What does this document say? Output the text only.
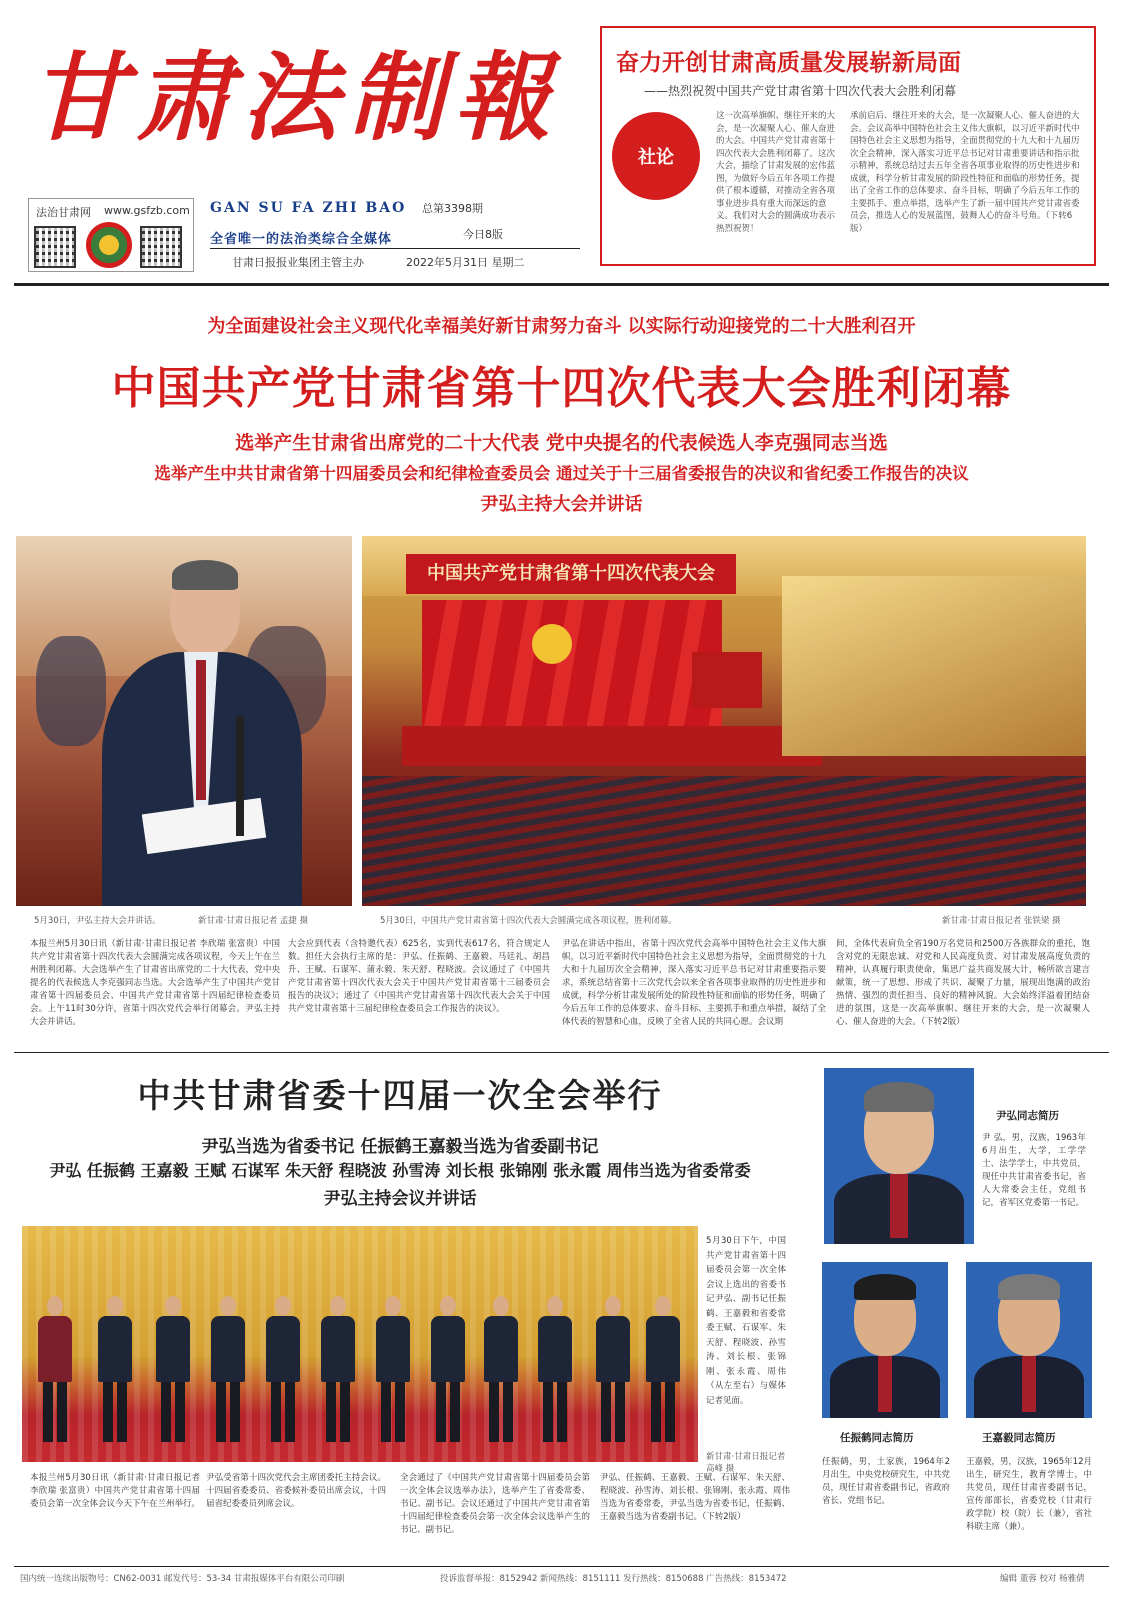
甘肃法制報
法治甘肃网 www.gsfzb.com GAN SU FA ZHI BAO 总第3398期
今日8版
全省唯一的法治类综合全媒体
甘肃日报报业集团主管主办	2022年5月31日 星期二
奋力开创甘肃高质量发展崭新局面
——热烈祝贺中国共产党甘肃省第十四次代表大会胜利闭幕
社论
这一次高举旗帜、继往开来的大会，是一次凝聚人心、催人奋进的大会。中国共产党甘肃省第十四次代表大会胜利闭幕了。这次大会，描绘了甘肃发展的宏伟蓝图，为做好今后五年各项工作提供了根本遵循，对推动全省各项事业进步具有重大而深远的意义。我们对大会的圆满成功表示热烈祝贺！
承前启后、继往开来的大会，是一次凝聚人心、催人奋进的大会。会议高举中国特色社会主义伟大旗帜，以习近平新时代中国特色社会主义思想为指导，全面贯彻党的十九大和十九届历次全会精神，深入落实习近平总书记对甘肃重要讲话和指示批示精神，系统总结过去五年全省各项事业取得的历史性进步和成就，科学分析甘肃发展的阶段性特征和面临的形势任务，提出了全省工作的总体要求、奋斗目标，明确了今后五年工作的主要抓手、重点举措，选举产生了新一届中国共产党甘肃省委员会，推选人心的发展蓝图，鼓舞人心的奋斗号角。（下转6版）
为全面建设社会主义现代化幸福美好新甘肃努力奋斗 以实际行动迎接党的二十大胜利召开
中国共产党甘肃省第十四次代表大会胜利闭幕
选举产生甘肃省出席党的二十大代表 党中央提名的代表候选人李克强同志当选
选举产生中共甘肃省第十四届委员会和纪律检查委员会 通过关于十三届省委报告的决议和省纪委工作报告的决议
尹弘主持大会并讲话
5月30日，尹弘主持大会并讲话。	新甘肃·甘肃日报记者 孟捷 摄
中国共产党甘肃省第十四次代表大会
5月30日，中国共产党甘肃省第十四次代表大会圆满完成各项议程，胜利闭幕。	新甘肃·甘肃日报记者 张铁梁 摄
本报兰州5月30日讯（新甘肃·甘肃日报记者 李欣瑞 张富贵）中国共产党甘肃省第十四次代表大会圆满完成各项议程，今天上午在兰州胜利闭幕。大会选举产生了甘肃省出席党的二十大代表，党中央提名的代表候选人李克强同志当选。大会选举产生了中国共产党甘肃省第十四届委员会、中国共产党甘肃省第十四届纪律检查委员会。上午11时30分许，省第十四次党代会举行闭幕会。尹弘主持大会并讲话。
大会应到代表（含特邀代表）625名，实到代表617名，符合规定人数。担任大会执行主席的是：尹弘、任振鹤、王嘉毅、马廷礼、胡昌升、王赋、石谋军、蒲永毅、朱天舒、程晓波。会议通过了《中国共产党甘肃省第十四次代表大会关于中国共产党甘肃省第十三届委员会报告的决议》；通过了《中国共产党甘肃省第十四次代表大会关于中国共产党甘肃省第十三届纪律检查委员会工作报告的决议》。
尹弘在讲话中指出，省第十四次党代会高举中国特色社会主义伟大旗帜，以习近平新时代中国特色社会主义思想为指导，全面贯彻党的十九大和十九届历次全会精神，深入落实习近平总书记对甘肃重要指示要求，系统总结省第十三次党代会以来全省各项事业取得的历史性进步和成就，科学分析甘肃发展所处的阶段性特征和面临的形势任务，明确了今后五年工作的总体要求、奋斗目标、主要抓手和重点举措，凝结了全体代表的智慧和心血，反映了全省人民的共同心愿。会议期
间，全体代表肩负全省190万名党员和2500万各族群众的重托，饱含对党的无限忠诚、对党和人民高度负责、对甘肃发展高度负责的精神，认真履行职责使命，集思广益共商发展大计，畅所欲言建言献策，统一了思想、形成了共识、凝聚了力量，展现出饱满的政治热情、强烈的责任担当、良好的精神风貌。大会始终洋溢着团结奋进的氛围，这是一次高举旗帜、继往开来的大会，是一次凝聚人心、催人奋进的大会。（下转2版）
中共甘肃省委十四届一次全会举行
尹弘当选为省委书记 任振鹤王嘉毅当选为省委副书记
尹弘 任振鹤 王嘉毅 王赋 石谋军 朱天舒 程晓波 孙雪涛 刘长根 张锦刚 张永霞 周伟当选为省委常委
尹弘主持会议并讲话
5月30日下午，中国共产党甘肃省第十四届委员会第一次全体会议上选出的省委书记尹弘、副书记任振鹤、王嘉毅和省委常委王赋、石谋军、朱天舒、程晓波、孙雪涛、刘长根、张锦刚、张永霞、周伟（从左至右）与媒体记者见面。
新甘肃·甘肃日报记者 高峰 摄
本报兰州5月30日讯（新甘肃·甘肃日报记者 李欣瑞 张富贵）中国共产党甘肃省第十四届委员会第一次全体会议今天下午在兰州举行。
尹弘受省第十四次党代会主席团委托主持会议。十四届省委委员、省委候补委员出席会议，十四届省纪委委员列席会议。
全会通过了《中国共产党甘肃省第十四届委员会第一次全体会议选举办法》，选举产生了省委常委、书记、副书记。会议还通过了中国共产党甘肃省第十四届纪律检查委员会第一次全体会议选举产生的书记、副书记。
尹弘、任振鹤、王嘉毅、王赋、石谋军、朱天舒、程晓波、孙雪涛、刘长根、张锦刚、张永霞、周伟当选为省委常委，尹弘当选为省委书记，任振鹤、王嘉毅当选为省委副书记。（下转2版）
尹弘同志简历
尹 弘，男，汉族，1963年6月出生，大学，工学学士、法学学士，中共党员，现任中共甘肃省委书记，省人大常委会主任，党组书记，省军区党委第一书记。
任振鹤同志简历
任振鹤，男，土家族，1964年2月出生，中央党校研究生，中共党员，现任甘肃省委副书记，省政府省长、党组书记。
王嘉毅同志简历
王嘉毅，男，汉族，1965年12月出生，研究生，教育学博士，中共党员，现任甘肃省委副书记，宣传部部长，省委党校（甘肃行政学院）校（院）长（兼），省社科联主席（兼）。
国内统一连续出版物号：CN62-0031 邮发代号：53-34 甘肃报媒体平台有限公司印刷	投诉监督举报：8152942 新闻热线：8151111 发行热线：8150688 广告热线：8153472	编辑 董蓉 校对 杨雅倩
